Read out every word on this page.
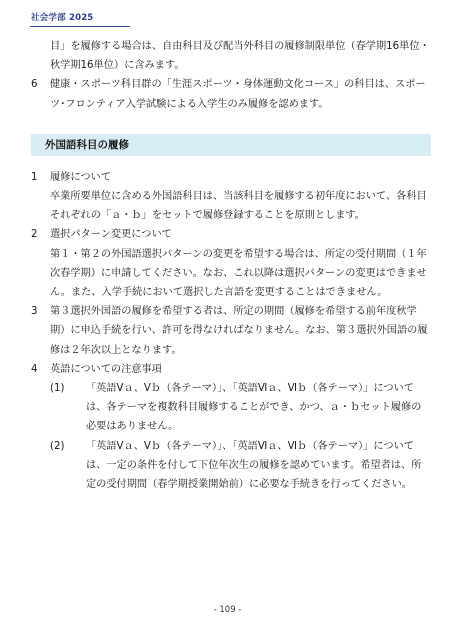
社会学部 2025
目」を履修する場合は、自由科目及び配当外科目の履修制限単位（春学期16単位・秋学期16単位）に含みます。
6 健康・スポーツ科目群の「生涯スポーツ・身体運動文化コース」の科目は、スポーツ･フロンティア入学試験による入学生のみ履修を認めます。
外国語科目の履修
1 履修について
卒業所要単位に含める外国語科目は、当該科目を履修する初年度において、各科目それぞれの「ａ・ｂ」をセットで履修登録することを原則とします。
2 選択パターン変更について
第１・第２の外国語選択パターンの変更を希望する場合は、所定の受付期間（１年次春学期）に申請してください。なお、これ以降は選択パターンの変更はできません。また、入学手続において選択した言語を変更することはできません。
3 第３選択外国語の履修を希望する者は、所定の期間（履修を希望する前年度秋学期）に申込手続を行い、許可を得なければなりません。なお、第３選択外国語の履修は２年次以上となります。
4 英語についての注意事項
(1) 「英語Ⅴａ、Ⅴｂ（各テーマ）」、「英語Ⅵａ、Ⅵｂ（各テーマ）」については、各テーマを複数科目履修することができ、かつ、ａ・ｂセット履修の必要はありません。
(2) 「英語Ⅴａ、Ⅴｂ（各テーマ）」、「英語Ⅵａ、Ⅵｂ（各テーマ）」については、一定の条件を付して下位年次生の履修を認めています。希望者は、所定の受付期間（春学期授業開始前）に必要な手続きを行ってください。
- 109 -
